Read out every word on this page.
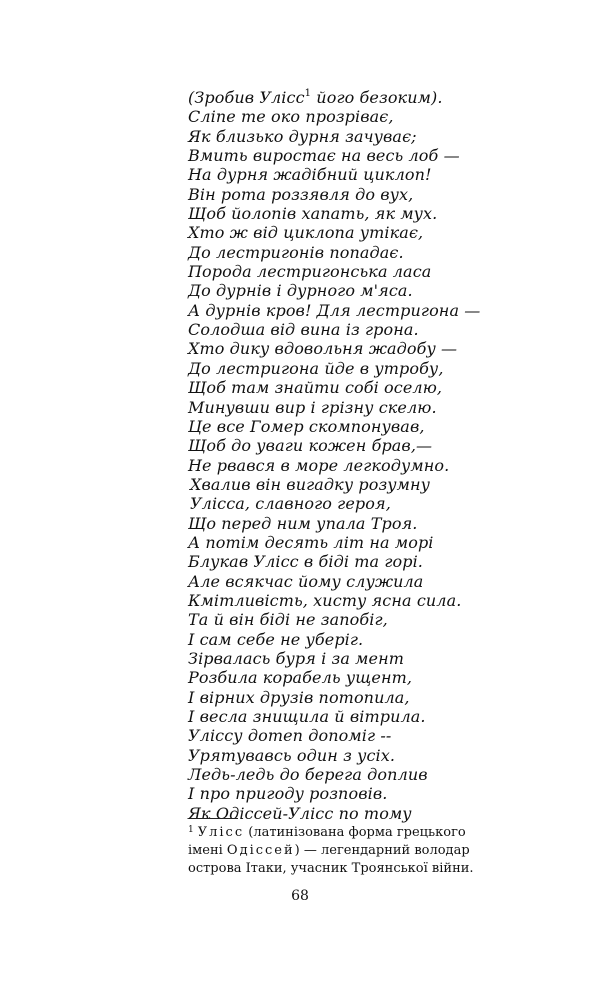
(Зробив Улісс$^1$ його безоким).
Сліпе те око прозріває,
Як близько дурня зачуває;
Вмить виростає на весь лоб —
На дурня жадібний циклоп!
Він рота роззявля до вух,
Щоб йолопів хапать, як мух.
Хто ж від циклопа утікає,
До лестригонів попадає.
Порода лестригонська ласа
До дурнів і дурного м'яса.
А дурнів кров! Для лестригона —
Солодша від вина із грона.
Хто дику вдовольня жадобу —
До лестригона йде в утробу,
Щоб там знайти собі оселю,
Минувши вир і грізну скелю.
Це все Гомер скомпонував,
Щоб до уваги кожен брав,—
Не рвався в море легкодумно.
Хвалив він вигадку розумну
Улісса, славного героя,
Що перед ним упала Троя.
А потім десять літ на морі
Блукав Улісс в біді та горі.
Але всякчас йому служила
Кмітливість, хисту ясна сила.
Та й він біді не запобіг,
І сам себе не уберіг.
Зірвалась буря і за мент
Розбила корабель ущент,
І вірних друзів потопила,
І весла знищила й вітрила.
Уліссу дотеп допоміг --
Урятувавсь один з усіх.
Ледь-ледь до берега доплив
І про пригоду розповів.
Як Одіссей-Улісс по тому
$^1$ Улісс (латинізована форма грецького
імені Одіссей) — легендарний володар
острова Ітаки, учасник Троянської війни.
68
